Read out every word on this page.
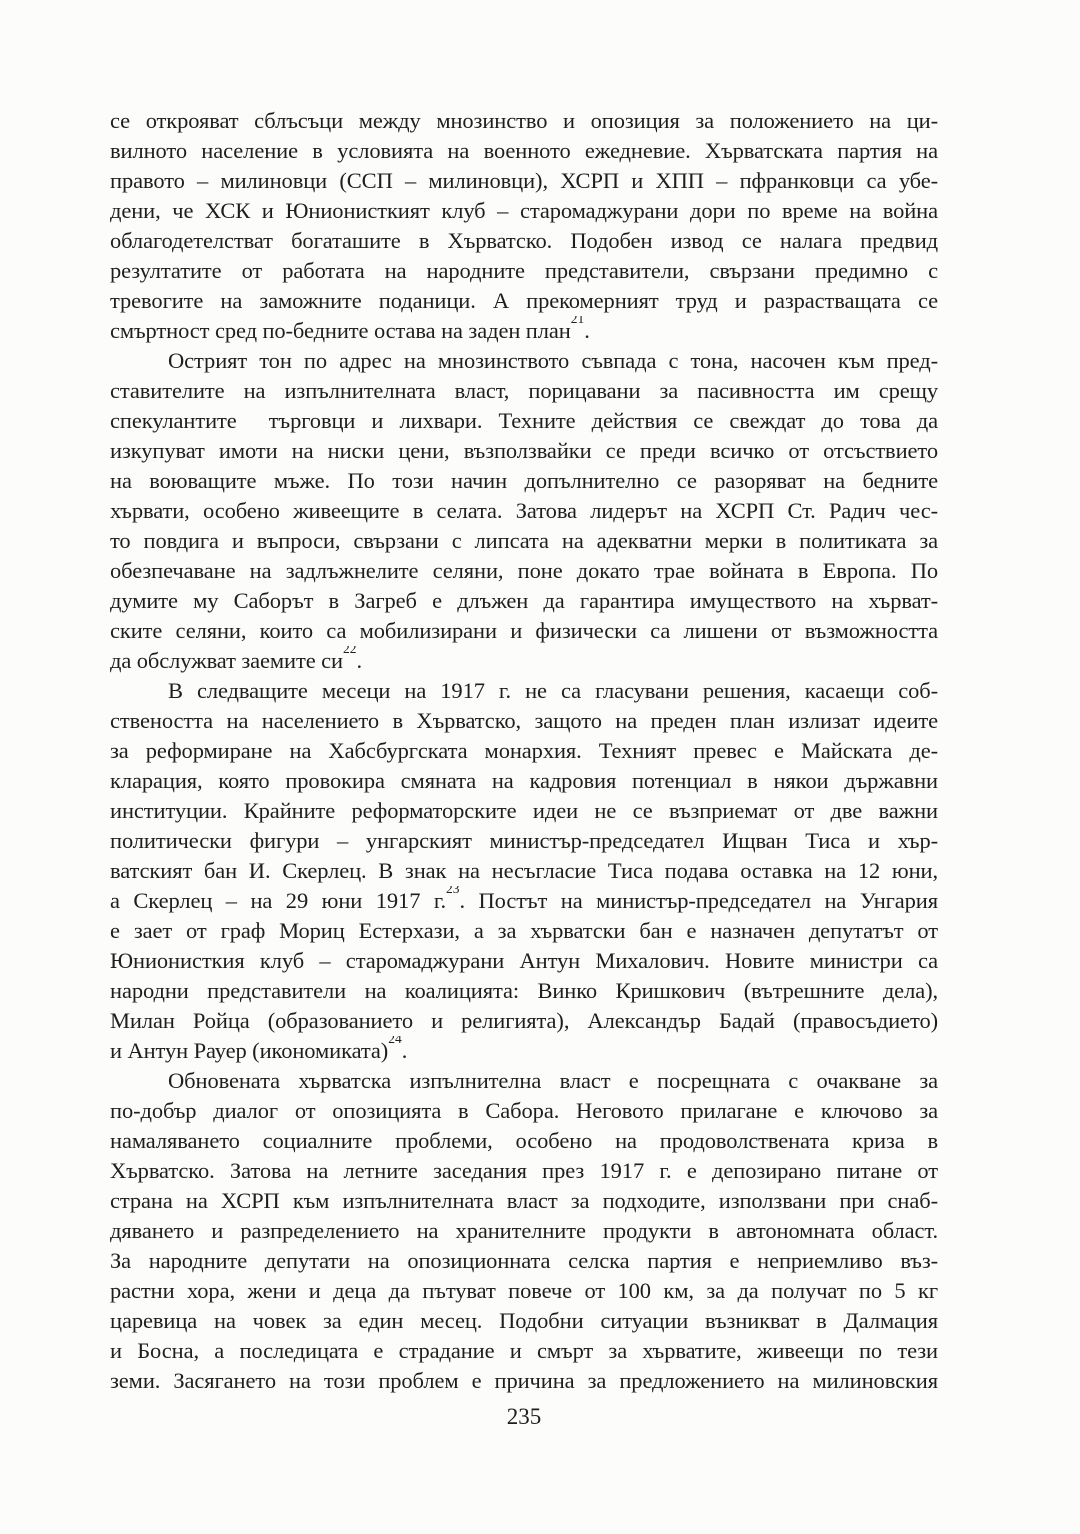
се открояват сблъсъци между мнозинство и опозиция за положението на ци-
вилното население в условията на военното ежедневие. Хърватската партия на
правото – милиновци (ССП – милиновци), ХСРП и ХПП – пфранковци са убе-
дени, че ХСК и Юнионисткият клуб – старомаджурани дори по време на война
облагодетелстват богаташите в Хърватско. Подобен извод се налага предвид
резултатите от работата на народните представители, свързани предимно с
тревогите на заможните поданици. А прекомерният труд и разрастващата се
смъртност сред по-бедните остава на заден план$^{21}$.
Острият тон по адрес на мнозинството съвпада с тона, насочен към пред-
ставителите на изпълнителната власт, порицавани за пасивността им срещу
спекулантите  търговци и лихвари. Техните действия се свеждат до това да
изкупуват имоти на ниски цени, възползвайки се преди всичко от отсъствието
на воюващите мъже. По този начин допълнително се разоряват на бедните
хървати, особено живеещите в селата. Затова лидерът на ХСРП Ст. Радич чес-
то повдига и въпроси, свързани с липсата на адекватни мерки в политиката за
обезпечаване на задлъжнелите селяни, поне докато трае войната в Европа. По
думите му Саборът в Загреб е длъжен да гарантира имуществото на хърват-
ските селяни, които са мобилизирани и физически са лишени от възможността
да обслужват заемите си$^{22}$.
В следващите месеци на 1917 г. не са гласувани решения, касаещи соб-
ствеността на населението в Хърватско, защото на преден план излизат идеите
за реформиране на Хабсбургската монархия. Техният превес е Майската де-
кларация, която провокира смяната на кадровия потенциал в някои държавни
институции. Крайните реформаторските идеи не се възприемат от две важни
политически фигури – унгарският министър-председател Ищван Тиса и хър-
ватският бан И. Скерлец. В знак на несъгласие Тиса подава оставка на 12 юни,
а Скерлец – на 29 юни 1917 г.$^{23}$. Постът на министър-председател на Унгария
е зает от граф Мориц Естерхази, а за хърватски бан е назначен депутатът от
Юнионисткия клуб – старомаджурани Антун Михалович. Новите министри са
народни представители на коалицията: Винко Кришкович (вътрешните дела),
Милан Ройца (образованието и религията), Александър Бадай (правосъдието)
и Антун Рауер (икономиката)$^{24}$.
Обновената хърватска изпълнителна власт е посрещната с очакване за
по-добър диалог от опозицията в Сабора. Неговото прилагане е ключово за
намаляването социалните проблеми, особено на продоволствената криза в
Хърватско. Затова на летните заседания през 1917 г. е депозирано питане от
страна на ХСРП към изпълнителната власт за подходите, използвани при снаб-
дяването и разпределението на хранителните продукти в автономната област.
За народните депутати на опозиционната селска партия е неприемливо въз-
растни хора, жени и деца да пътуват повече от 100 км, за да получат по 5 кг
царевица на човек за един месец. Подобни ситуации възникват в Далмация
и Босна, а последицата е страдание и смърт за хърватите, живеещи по тези
земи. Засягането на този проблем е причина за предложението на милиновския
235
